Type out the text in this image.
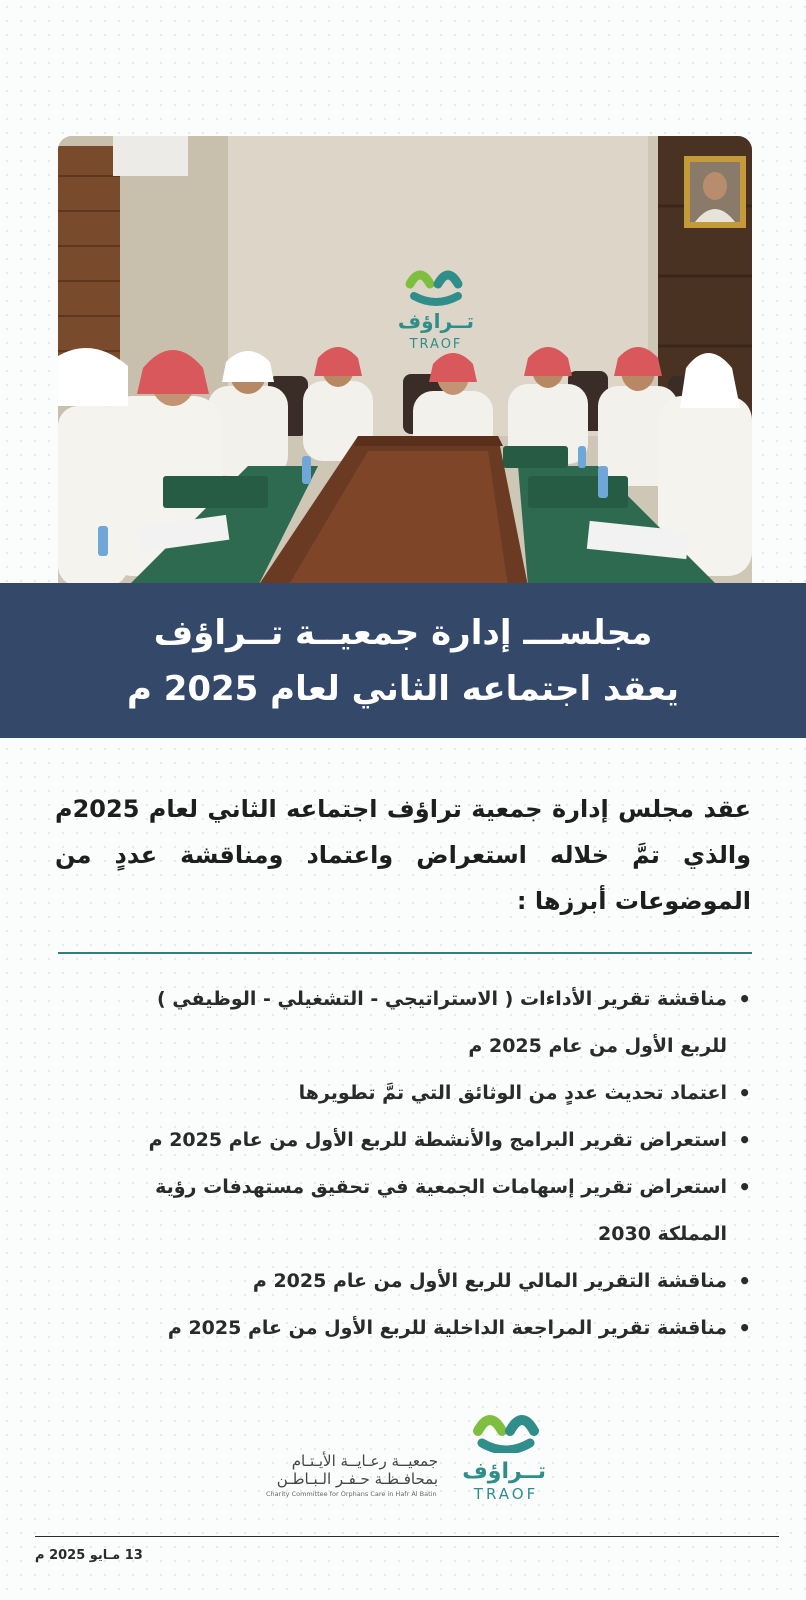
تــراؤف
TRAOF
مجلســـ إدارة جمعيــة تــراؤف
يعقد اجتماعه الثاني لعام 2025 م
عقد مجلس إدارة جمعية تراؤف اجتماعه الثاني لعام 2025م والذي تمَّ خلاله استعراض واعتماد ومناقشة عددٍ من الموضوعات أبرزها :
•
مناقشة تقرير الأداءات ( الاستراتيجي - التشغيلي - الوظيفي )
للربع الأول من عام 2025 م
•
اعتماد تحديث عددٍ من الوثائق التي تمَّ تطويرها
•
استعراض تقرير البرامج والأنشطة للربع الأول من عام 2025 م
•
استعراض تقرير إسهامات الجمعية في تحقيق مستهدفات رؤية
المملكة 2030
•
مناقشة التقرير المالي للربع الأول من عام 2025 م
•
مناقشة تقرير المراجعة الداخلية للربع الأول من عام 2025 م
تــراؤف
TRAOF
جمعيــة رعـايــة الأيـتـام
بمحافـظـة حـفـر الـبـاطـن
Charity Committee for Orphans Care in Hafr Al Batin
13 مـايو 2025 م
